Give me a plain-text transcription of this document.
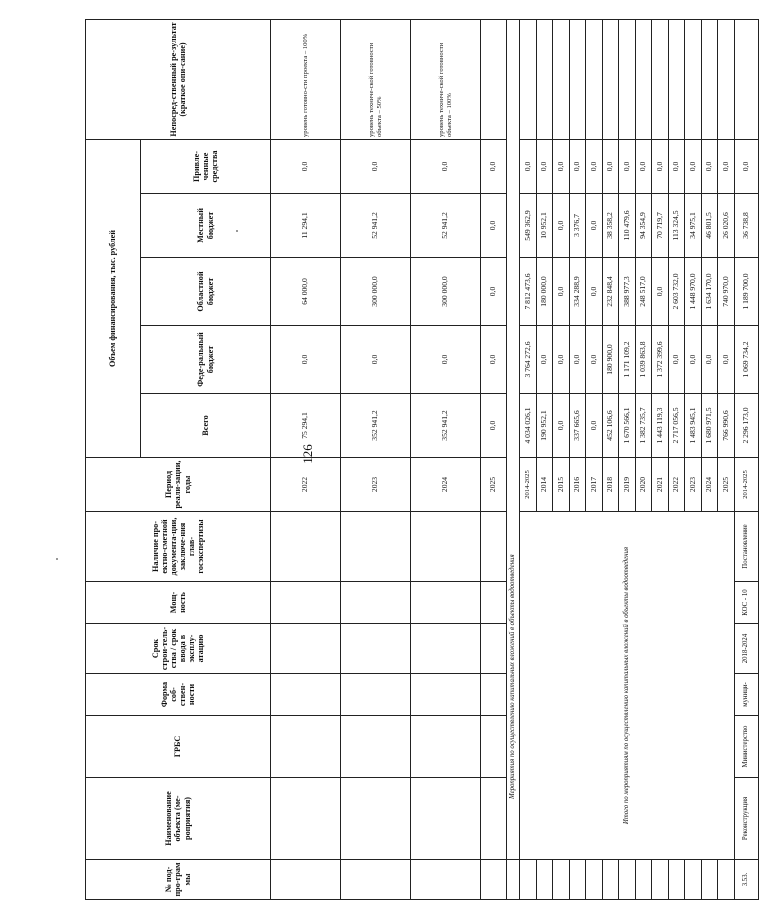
126
№ под-про-грам мы	Наименование объекта (ме-роприятия)	ГРБС	Форма соб-ствен-ности	Срок строи-тель-ства / срок ввода в эксплу-атацию	Мощ-ность	Наличие про-ектно-сметной документа-ции, заключе-ния глав-госэкспертизы	Период реали-зации, годы	Объем финансирования, тыс. рублей					Непосред-ственный ре-зультат (краткое опи-сание)
								Всего	Феде-ральный бюджет	Областной бюджет	Местный бюджет	Привле-ченные средства	
							2022	75 294,1	0,0	64 000,0	11 294,1	0,0	уровень готовно-сти проекта – 100%
							2023	352 941,2	0,0	300 000,0	52 941,2	0,0	уровень техниче-ской готовности объекта – 50%
							2024	352 941,2	0,0	300 000,0	52 941,2	0,0	уровень техниче-ской готовности объекта – 100%
							2025	0,0	0,0	0,0	0,0	0,0	
	Мероприятия по осуществлению капитальных вложений в объекты водоотведения												
	Итого по мероприятиям по осуществлению капитальных вложений в объекты водоотведения						2014-2025	4 034 026,1	3 764 272,6	7 812 473,6	549 362,9	0,0	
							2014	190 952,1	0,0	180 000,0	10 952,1	0,0	
							2015	0,0	0,0	0,0	0,0	0,0	
							2016	337 665,6	0,0	334 288,9	3 376,7	0,0	
							2017	0,0	0,0	0,0	0,0	0,0	
							2018	452 106,6	180 900,0	232 848,4	38 358,2	0,0	
							2019	1 670 566,1	1 171 109,2	388 977,3	110 479,6	0,0	
							2020	1 382 735,7	1 039 863,8	248 517,0	94 354,9	0,0	
							2021	1 443 119,3	1 372 399,6	0,0	70 719,7	0,0	
							2022	2 717 056,5	0,0	2 603 732,0	113 324,5	0,0	
							2023	1 483 945,1	0,0	1 448 970,0	34 975,1	0,0	
							2024	1 680 971,5	0,0	1 634 170,0	46 801,5	0,0	
							2025	766 990,6	0,0	740 970,0	26 020,6	0,0	
3.53.	Реконструкция	Министерство	муници-	2018-2024	КОС - 10	Постановление	2014-2025	2 296 173,0	1 069 734,2	1 189 700,0	36 738,8	0,0	
